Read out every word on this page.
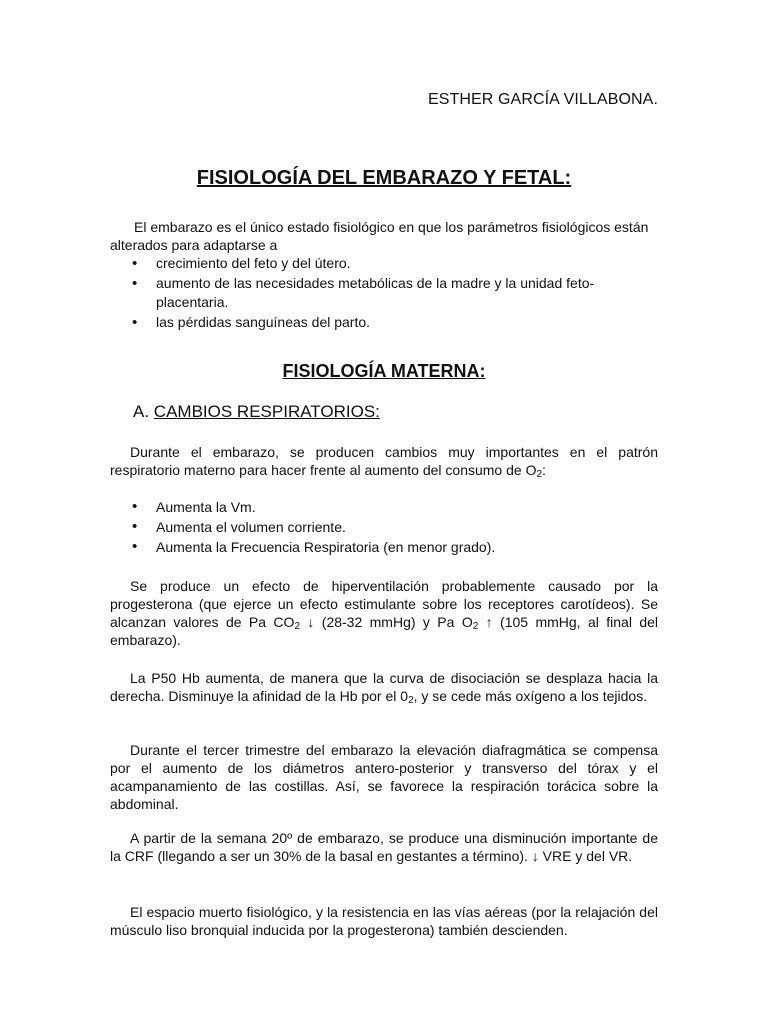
ESTHER GARCÍA VILLABONA.
FISIOLOGÍA DEL EMBARAZO Y FETAL:

El embarazo es el único estado fisiológico en que los parámetros fisiológicos están alterados para adaptarse a

• crecimiento del feto y del útero.
• aumento de las necesidades metabólicas de la madre y la unidad feto-placentaria.
• las pérdidas sanguíneas del parto.
FISIOLOGÍA MATERNA:
A. CAMBIOS RESPIRATORIOS:

Durante el embarazo, se producen cambios muy importantes en el patrón respiratorio materno para hacer frente al aumento del consumo de $O_2$:

• Aumenta la Vm.
• Aumenta el volumen corriente.
• Aumenta la Frecuencia Respiratoria (en menor grado).

Se produce un efecto de hiperventilación probablemente causado por la progesterona (que ejerce un efecto estimulante sobre los receptores carotídeos). Se alcanzan valores de Pa $CO_2$ ↓ (28-32 mmHg) y Pa $O_2$ ↑ (105 mmHg, al final del embarazo).

La P50 Hb aumenta, de manera que la curva de disociación se desplaza hacia la derecha. Disminuye la afinidad de la Hb por el $0_2$, y se cede más oxígeno a los tejidos.

Durante el tercer trimestre del embarazo la elevación diafragmática se compensa por el aumento de los diámetros antero-posterior y transverso del tórax y el acampanamiento de las costillas. Así, se favorece la respiración torácica sobre la abdominal.

A partir de la semana 20º de embarazo, se produce una disminución importante de la CRF (llegando a ser un 30% de la basal en gestantes a término). ↓ VRE y del VR.

El espacio muerto fisiológico, y la resistencia en las vías aéreas (por la relajación del músculo liso bronquial inducida por la progesterona) también descienden.
